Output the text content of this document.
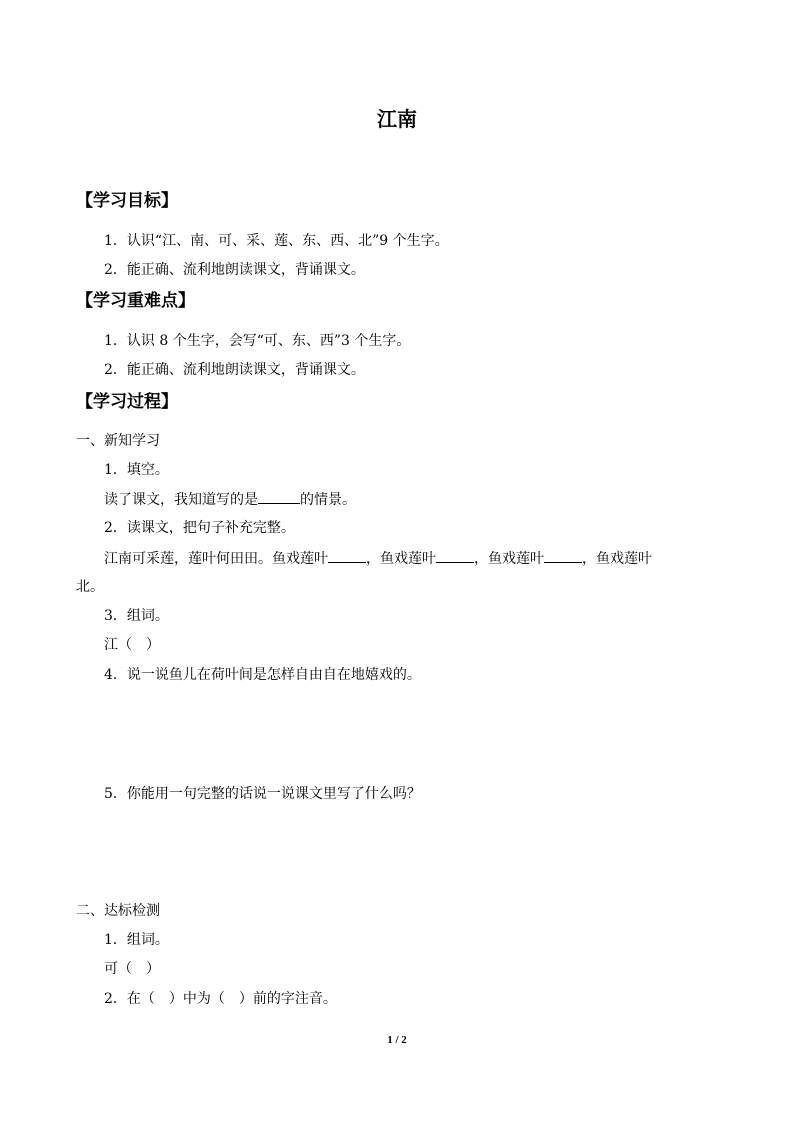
江南
【学习目标】
1．认识“江、南、可、采、莲、东、西、北”9 个生字。
2．能正确、流利地朗读课文，背诵课文。
【学习重难点】
1．认识 8 个生字，会写“可、东、西”3 个生字。
2．能正确、流利地朗读课文，背诵课文。
【学习过程】
一、新知学习
1．填空。
读了课文，我知道写的是	的情景。
2．读课文，把句子补充完整。
江南可采莲，莲叶何田田。鱼戏莲叶	，鱼戏莲叶	，鱼戏莲叶	，鱼戏莲叶
北。
3．组词。
江（　）
4．说一说鱼儿在荷叶间是怎样自由自在地嬉戏的。
5．你能用一句完整的话说一说课文里写了什么吗？
二、达标检测
1．组词。
可（　）
2．在（　）中为（　）前的字注音。
1 / 2
